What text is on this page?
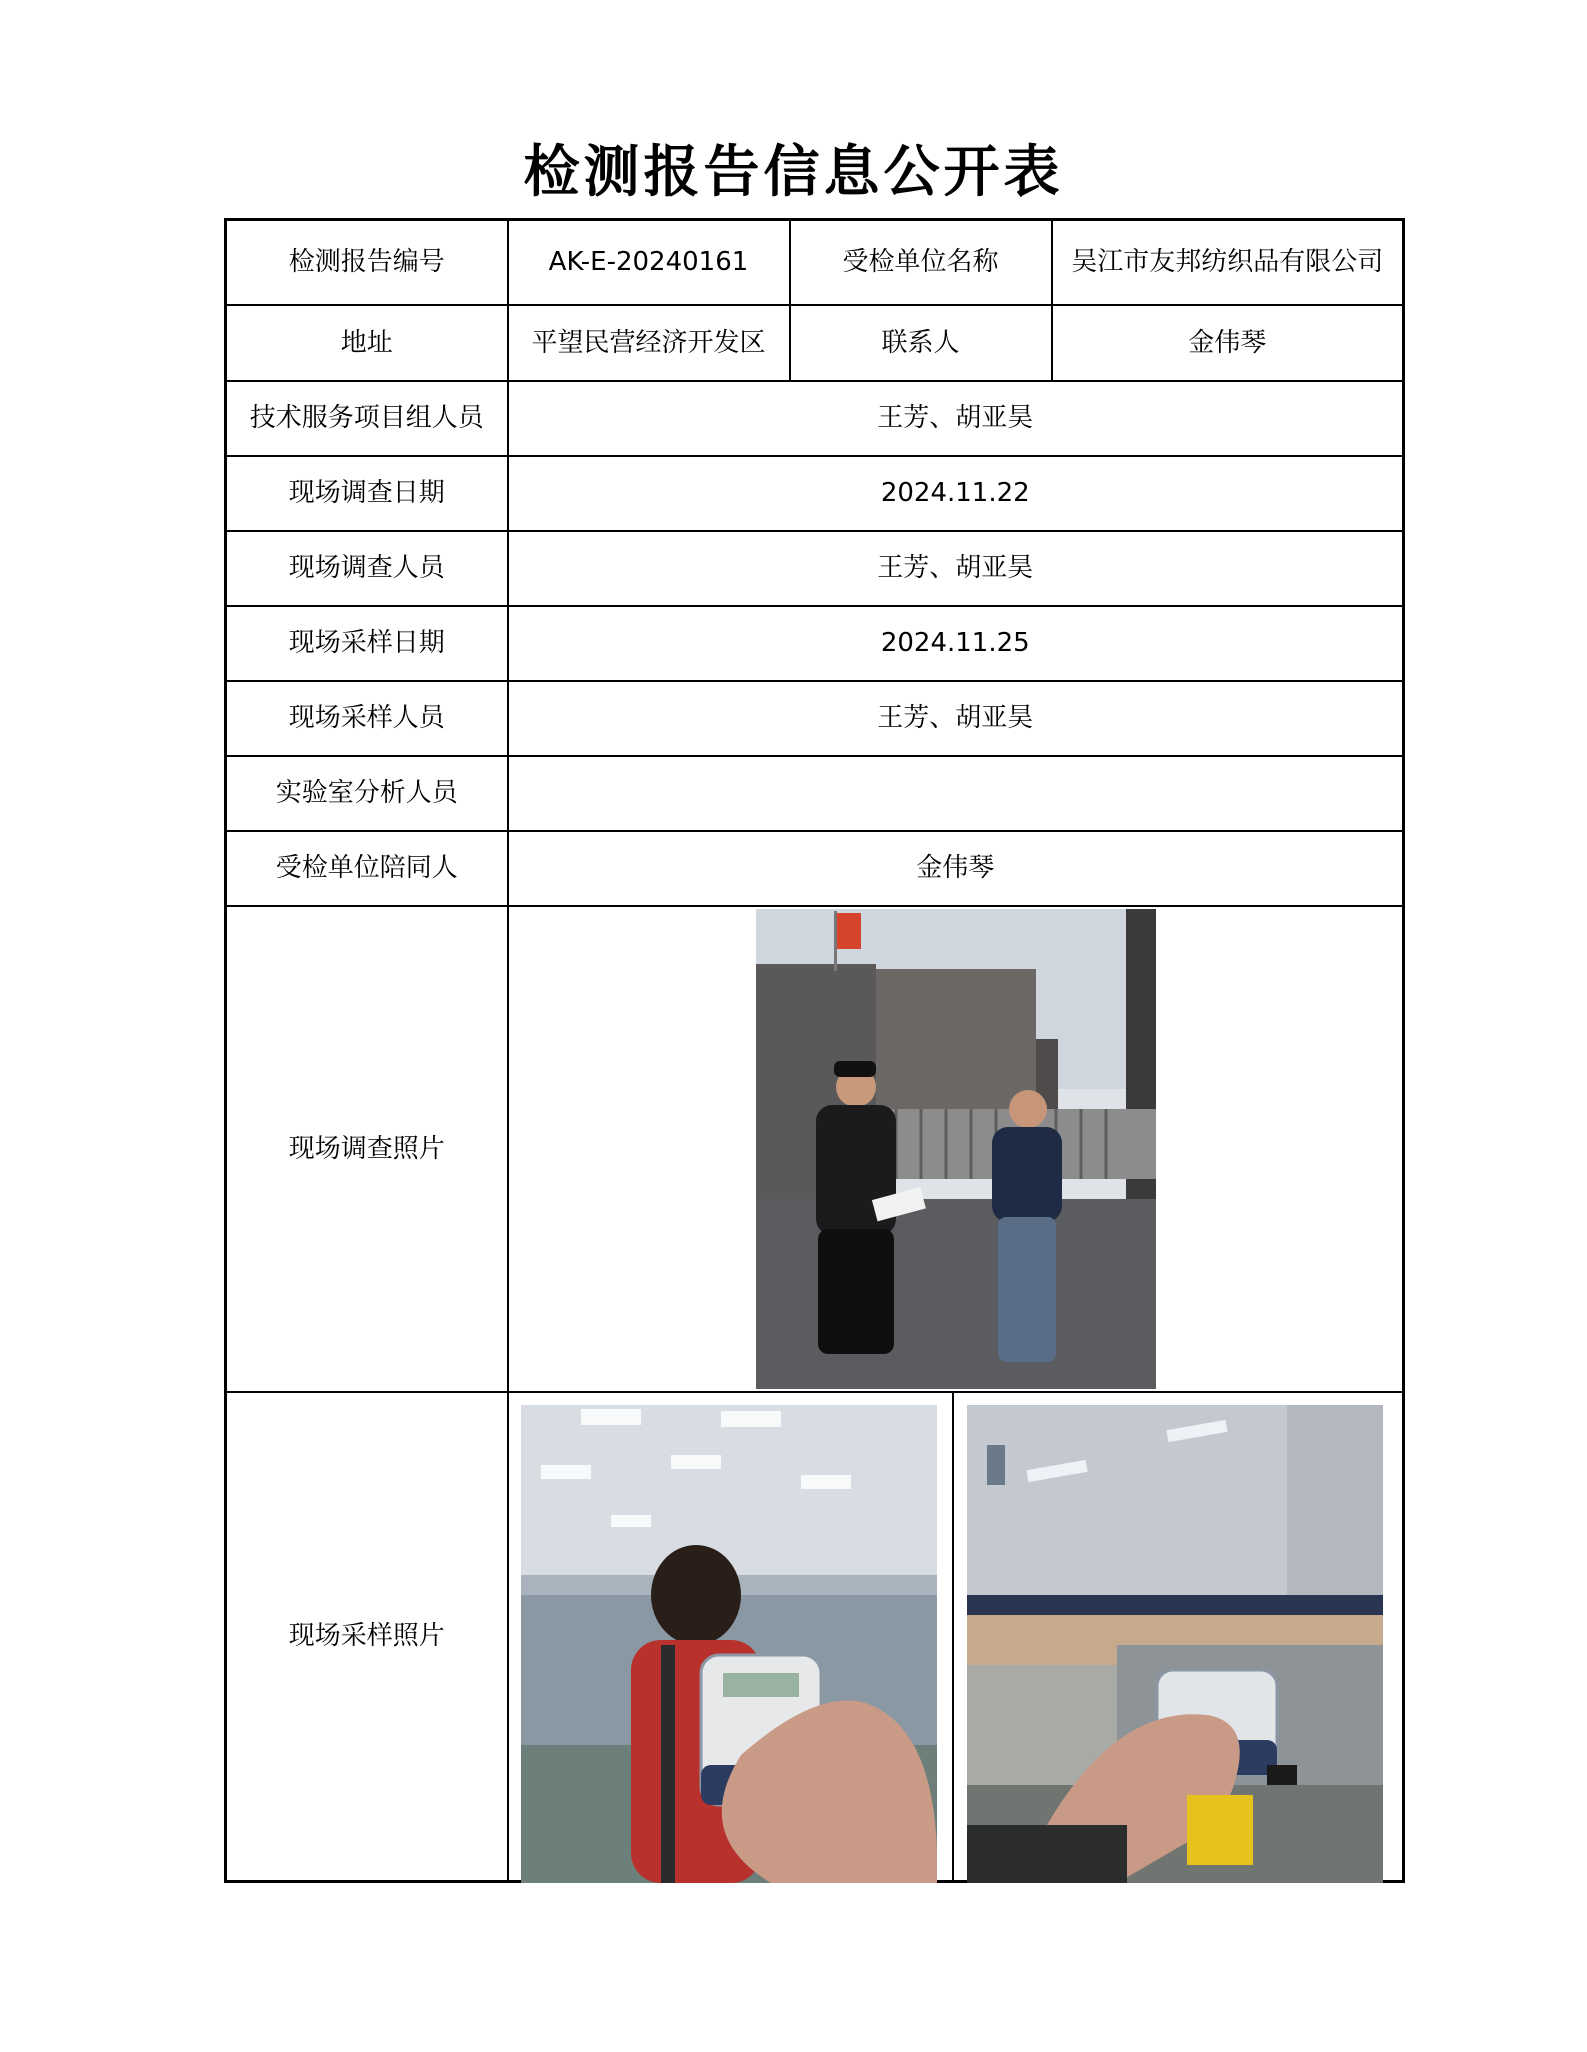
检测报告信息公开表
检测报告编号	AK-E-20240161	受检单位名称	吴江市友邦纺织品有限公司
地址	平望民营经济开发区	联系人	金伟琴
技术服务项目组人员	王芳、胡亚昊		
现场调查日期	2024.11.22		
现场调查人员	王芳、胡亚昊		
现场采样日期	2024.11.25		
现场采样人员	王芳、胡亚昊		
实验室分析人员			
受检单位陪同人	金伟琴		
现场调查照片	

现场采样照片	
